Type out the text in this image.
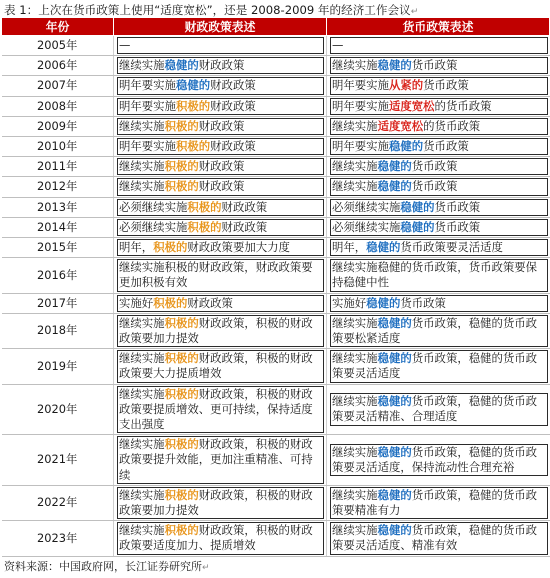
表 1：上次在货币政策上使用“适度宽松”，还是 2008-2009 年的经济工作会议↵
年份	财政政策表述	货币政策表述
2005年	—	—

2006年	继续实施稳健的财政政策	继续实施稳健的货币政策

2007年	明年要实施稳健的财政政策	明年要实施从紧的货币政策

2008年	明年要实施积极的财政政策	明年要实施适度宽松的货币政策

2009年	继续实施积极的财政政策	继续实施适度宽松的货币政策

2010年	明年要实施积极的财政政策	明年要实施稳健的货币政策

2011年	继续实施积极的财政政策	继续实施稳健的货币政策

2012年	继续实施积极的财政政策	继续实施稳健的货币政策

2013年	必须继续实施积极的财政政策	必须继续实施稳健的货币政策

2014年	必须继续实施积极的财政政策	必须继续实施稳健的货币政策

2015年	明年，积极的财政政策要加大力度	明年，稳健的货币政策要灵活适度

2016年	继续实施积极的财政政策，财政政策要更加积极有效	继续实施稳健的货币政策，货币政策要保持稳健中性

2017年	实施好积极的财政政策	实施好稳健的货币政策

2018年	继续实施积极的财政政策，积极的财政政策要加力提效	继续实施稳健的货币政策，稳健的货币政策要松紧适度

2019年	继续实施积极的财政政策，积极的财政政策要大力提质增效	继续实施稳健的货币政策，稳健的货币政策要灵活适度

2020年	继续实施积极的财政政策，积极的财政政策要提质增效、更可持续，保持适度支出强度	继续实施稳健的货币政策，稳健的货币政策要灵活精准、合理适度

2021年	继续实施积极的财政政策，积极的财政政策要提升效能，更加注重精准、可持续	继续实施稳健的货币政策，稳健的货币政策要灵活适度，保持流动性合理充裕

2022年	继续实施积极的财政政策，积极的财政政策要加力提效	继续实施稳健的货币政策，稳健的货币政策要精准有力

2023年	继续实施积极的财政政策，积极的财政政策要适度加力、提质增效	继续实施稳健的货币政策，稳健的货币政策要灵活适度、精准有效
资料来源：中国政府网，长江证券研究所↵
